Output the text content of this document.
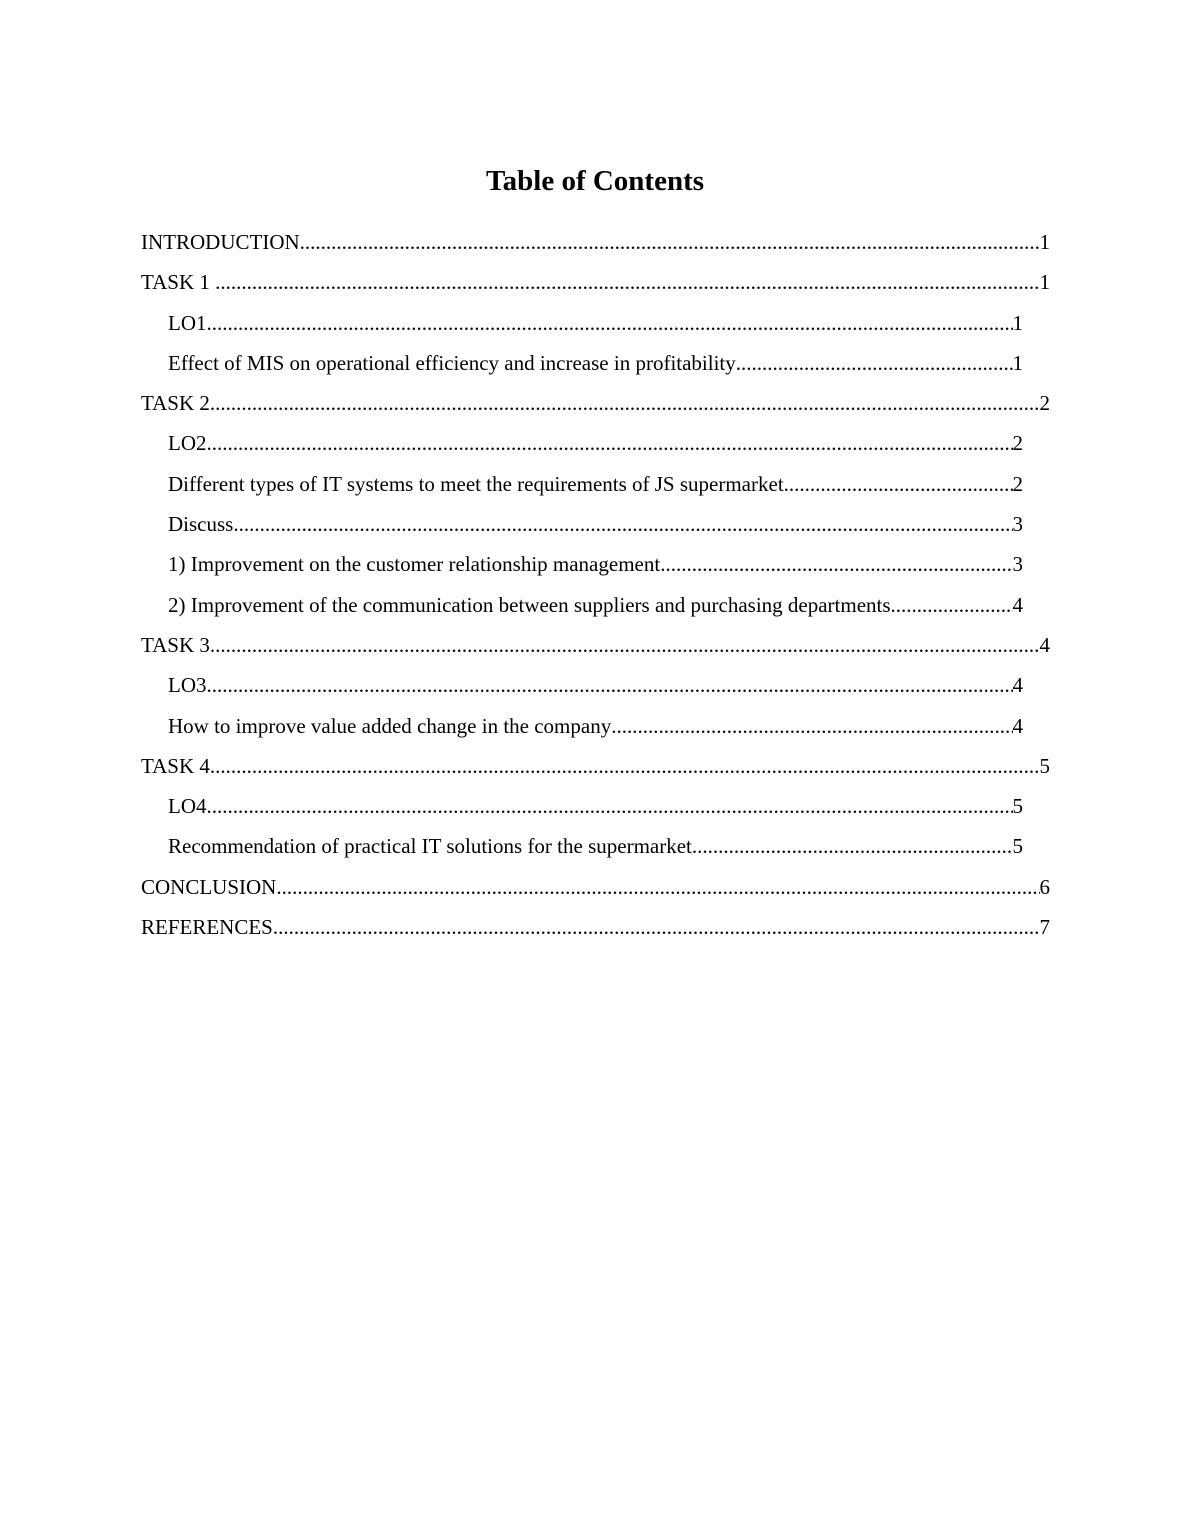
Table of Contents
INTRODUCTION .....	1
TASK 1 .....	1
LO1 .....	1
Effect of MIS on operational efficiency and increase in profitability .....	1
TASK 2 .....	2
LO2 .....	2
Different types of IT systems to meet the requirements of JS supermarket .....	2
Discuss .....	3
1) Improvement on the customer relationship management .....	3
2) Improvement of the communication between suppliers and purchasing departments. .....	4
TASK 3 .....	4
LO3 .....	4
How to improve value added change in the company .....	4
TASK 4 .....	5
LO4 .....	5
Recommendation of practical IT solutions for the supermarket .....	5
CONCLUSION .....	6
REFERENCES .....	7
